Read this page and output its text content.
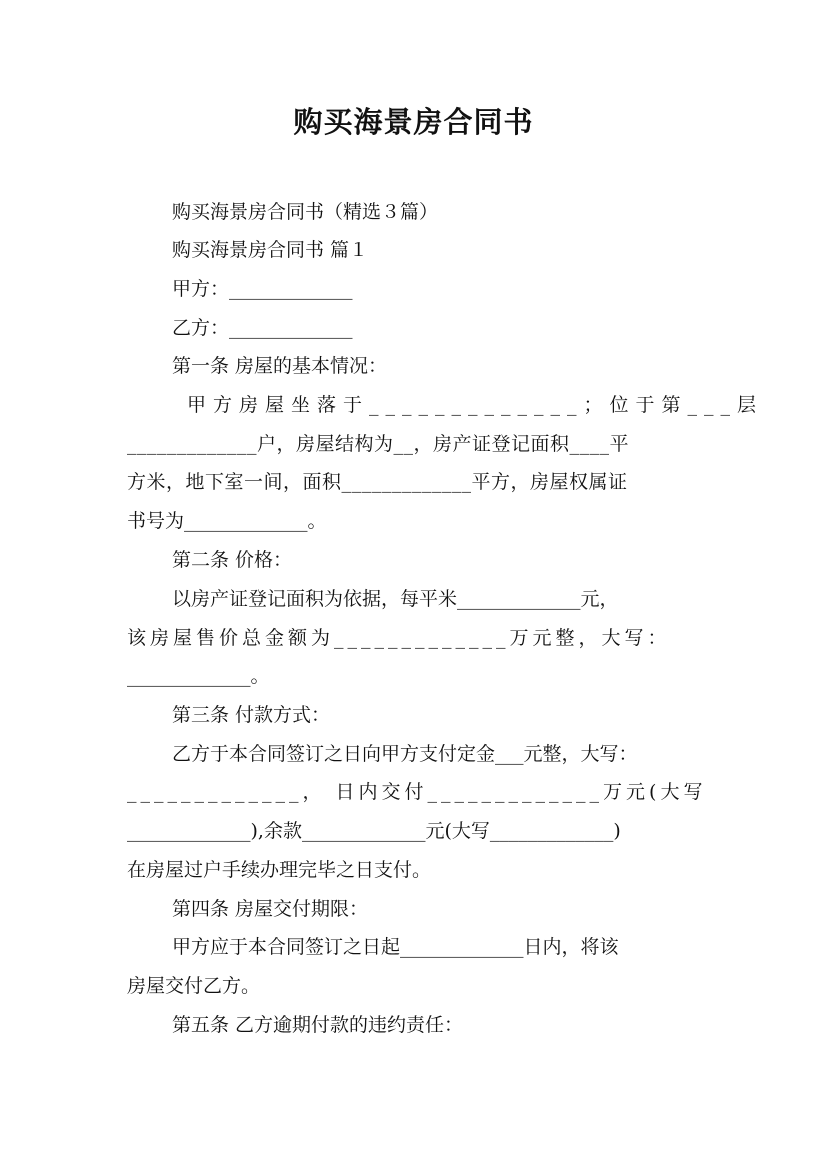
购买海景房合同书
购买海景房合同书（精选３篇）
购买海景房合同书 篇１
甲方：_____________
乙方：_____________
第一条 房屋的基本情况：
甲方房屋坐落于_____________；位于第___层
_____________户，房屋结构为__，房产证登记面积____平
方米，地下室一间，面积_____________平方，房屋权属证
书号为_____________。
第二条 价格：
以房产证登记面积为依据，每平米_____________元，
该房屋售价总金额为_____________万元整，大写：
_____________。
第三条 付款方式：
乙方于本合同签订之日向甲方支付定金___元整，大写：
_____________， 日内交付_____________万元(大写
_____________),余款_____________元(大写_____________)
在房屋过户手续办理完毕之日支付。
第四条 房屋交付期限：
甲方应于本合同签订之日起_____________日内，将该
房屋交付乙方。
第五条 乙方逾期付款的违约责任：
